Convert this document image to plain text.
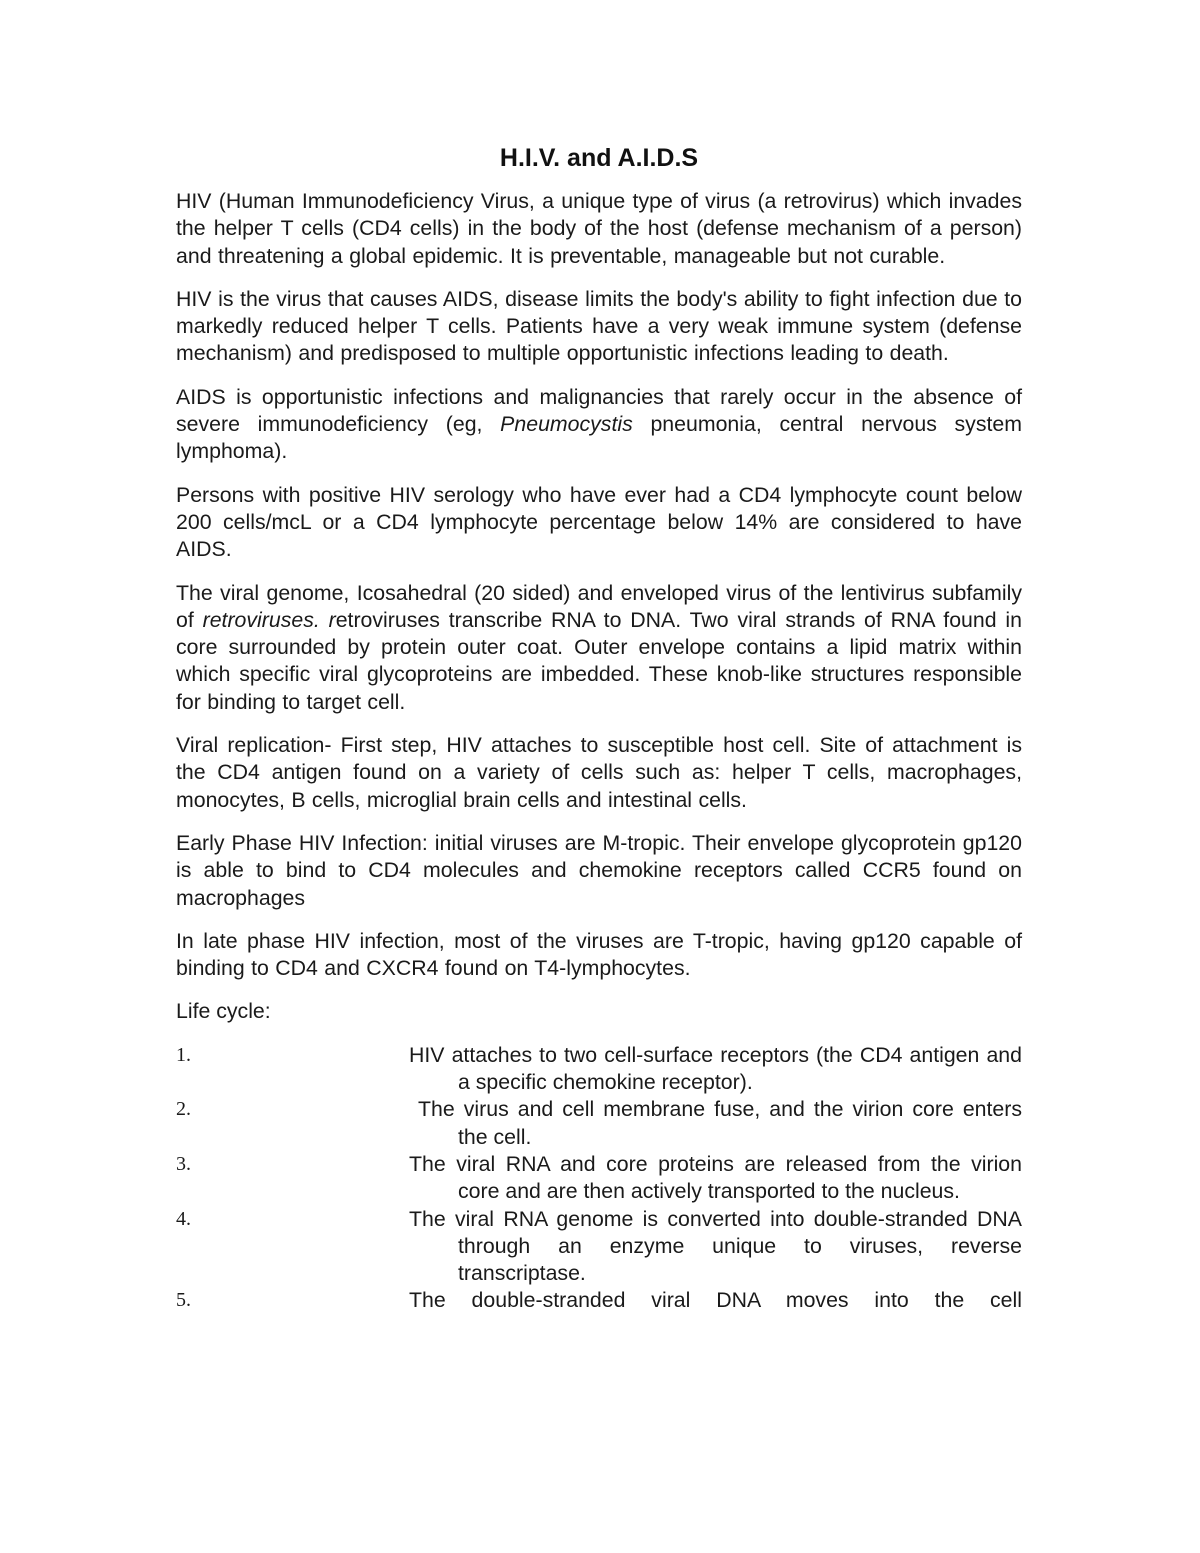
H.I.V. and A.I.D.S

HIV (Human Immunodeficiency Virus, a unique type of virus (a retrovirus) which invades the helper T cells (CD4 cells) in the body of the host (defense mechanism of a person) and threatening a global epidemic. It is preventable, manageable but not curable.

HIV is the virus that causes AIDS, disease limits the body's ability to fight infection due to markedly reduced helper T cells. Patients have a very weak immune system (defense mechanism) and predisposed to multiple opportunistic infections leading to death.

AIDS is opportunistic infections and malignancies that rarely occur in the absence of severe immunodeficiency (eg, Pneumocystis pneumonia, central nervous system lymphoma).

Persons with positive HIV serology who have ever had a CD4 lymphocyte count below 200 cells/mcL or a CD4 lymphocyte percentage below 14% are considered to have AIDS.

The viral genome, Icosahedral (20 sided) and enveloped virus of the lentivirus subfamily of retroviruses. retroviruses transcribe RNA to DNA. Two viral strands of RNA found in core surrounded by protein outer coat. Outer envelope contains a lipid matrix within which specific viral glycoproteins are imbedded. These knob-like structures responsible for binding to target cell.

Viral replication- First step, HIV attaches to susceptible host cell. Site of attachment is the CD4 antigen found on a variety of cells such as: helper T cells, macrophages, monocytes, B cells, microglial brain cells and intestinal cells.

Early Phase HIV Infection: initial viruses are M-tropic. Their envelope glycoprotein gp120 is able to bind to CD4 molecules and chemokine receptors called CCR5 found on macrophages

In late phase HIV infection, most of the viruses are T-tropic, having gp120 capable of binding to CD4 and CXCR4 found on T4-lymphocytes.

Life cycle:
1.	HIV attaches to two cell-surface receptors (the CD4 antigen and a specific chemokine receptor).
2.	The virus and cell membrane fuse, and the virion core enters the cell.
3.	The viral RNA and core proteins are released from the virion core and are then actively transported to the nucleus.
4.	The viral RNA genome is converted into double-stranded DNA through an enzyme unique to viruses, reverse transcriptase.
5.	The double-stranded viral DNA moves into the cell
